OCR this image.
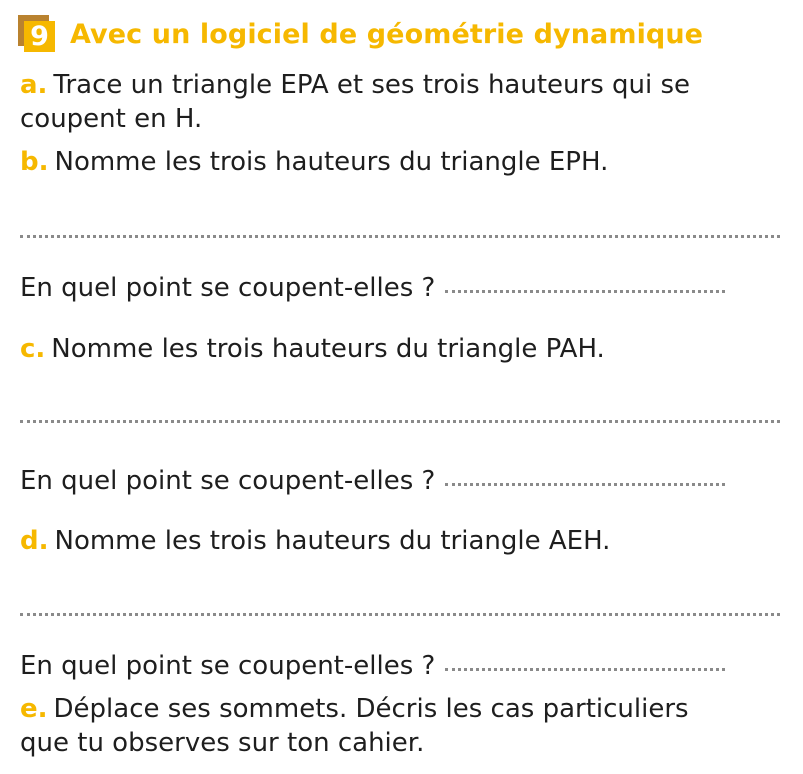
9 Avec un logiciel de géométrie dynamique
a. Trace un triangle EPA et ses trois hauteurs qui se
coupent en H.
b. Nomme les trois hauteurs du triangle EPH.
En quel point se coupent-elles ?
c. Nomme les trois hauteurs du triangle PAH.
En quel point se coupent-elles ?
d. Nomme les trois hauteurs du triangle AEH.
En quel point se coupent-elles ?
e. Déplace ses sommets. Décris les cas particuliers
que tu observes sur ton cahier.
